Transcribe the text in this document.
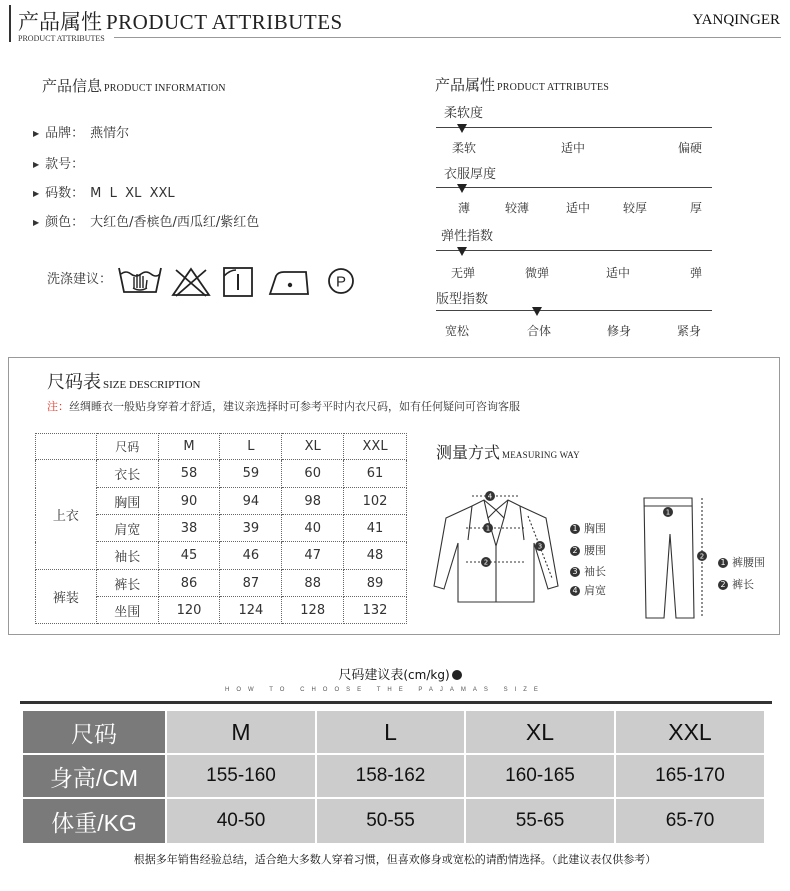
产品属性 PRODUCT ATTRIBUTES
PRODUCT ATTRIBUTES
YANQINGER
产品信息 PRODUCT INFORMATION
▶ 品牌： 燕情尔
▶ 款号：
▶ 码数： M  L  XL  XXL
▶ 颜色： 大红色/香槟色/西瓜红/紫红色
洗涤建议：	P
产品属性 PRODUCT ATTRIBUTES
柔软度
柔软	适中	偏硬
衣服厚度
薄	较薄	适中	较厚	厚
弹性指数
无弹	微弹	适中	弹
版型指数
宽松	合体	修身	紧身
尺码表 SIZE DESCRIPTION
注：丝绸睡衣一般贴身穿着才舒适，建议亲选择时可参考平时内衣尺码，如有任何疑问可咨询客服
	尺码	M	L	XL	XXL
上衣	衣长	58	59	60	61
	胸围	90	94	98	102
	肩宽	38	39	40	41
	袖长	45	46	47	48
裤装	裤长	86	87	88	89
	坐围	120	124	128	132
测量方式 MEASURING WAY
4
1
2
3
1 胸围
2 腰围
3 袖长
4 肩宽
1
2
1 裤腰围
2 裤长
尺码建议表(cm/kg)
HOW TO CHOOSE THE PAJAMAS SIZE
尺码	M	L	XL	XXL
身高/CM	155-160	158-162	160-165	165-170
体重/KG	40-50	50-55	55-65	65-70
根据多年销售经验总结，适合绝大多数人穿着习惯，但喜欢修身或宽松的请酌情选择。（此建议表仅供参考）
